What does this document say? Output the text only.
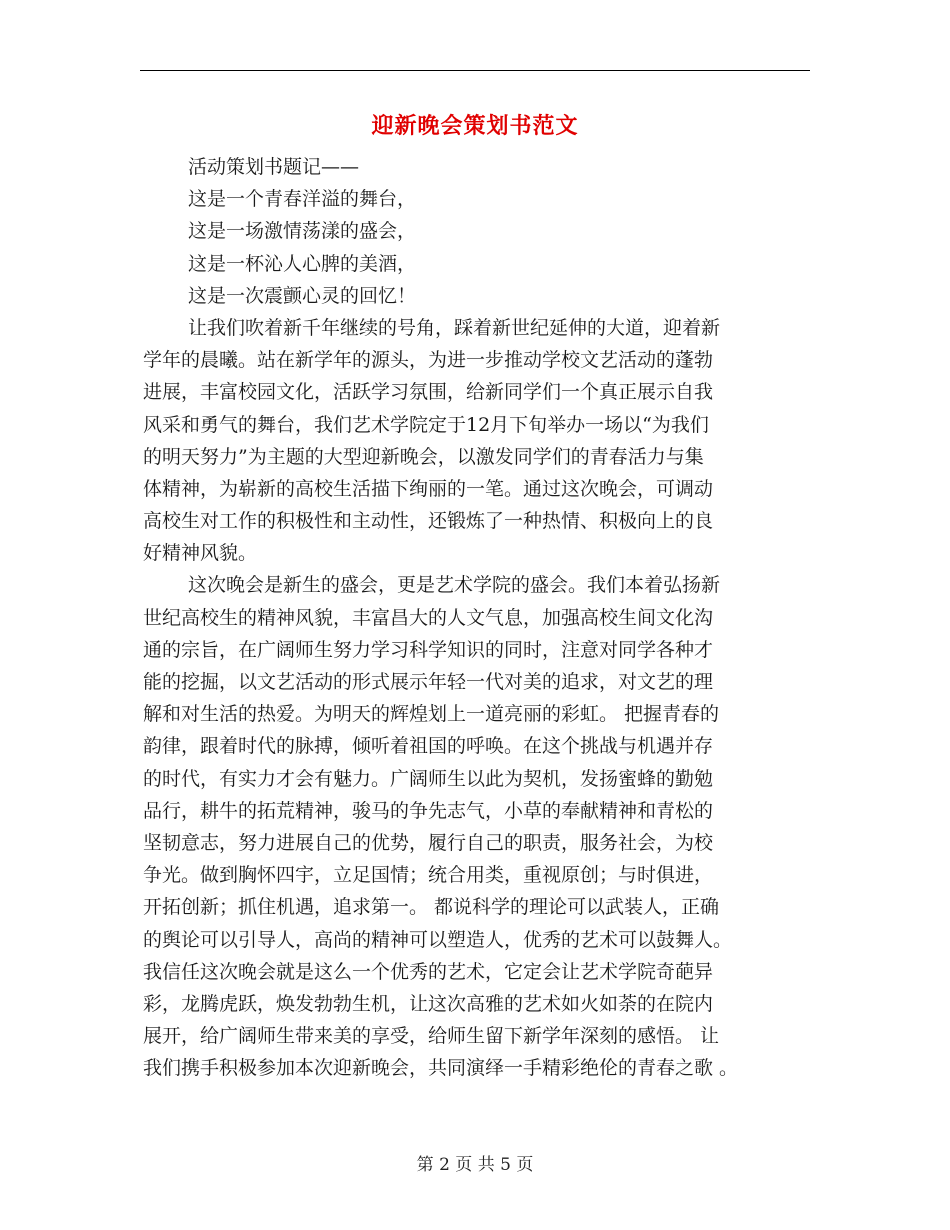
迎新晚会策划书范文
活动策划书题记——
这是一个青春洋溢的舞台，
这是一场激情荡漾的盛会，
这是一杯沁人心脾的美酒，
这是一次震颤心灵的回忆！
让我们吹着新千年继续的号角，踩着新世纪延伸的大道，迎着新
学年的晨曦。站在新学年的源头，为进一步推动学校文艺活动的蓬勃
进展，丰富校园文化，活跃学习氛围，给新同学们一个真正展示自我
风采和勇气的舞台，我们艺术学院定于12月下旬举办一场以“为我们
的明天努力”为主题的大型迎新晚会，以激发同学们的青春活力与集
体精神，为崭新的高校生活描下绚丽的一笔。通过这次晚会，可调动
高校生对工作的积极性和主动性，还锻炼了一种热情、积极向上的良
好精神风貌。
这次晚会是新生的盛会，更是艺术学院的盛会。我们本着弘扬新
世纪高校生的精神风貌，丰富昌大的人文气息，加强高校生间文化沟
通的宗旨，在广阔师生努力学习科学知识的同时，注意对同学各种才
能的挖掘，以文艺活动的形式展示年轻一代对美的追求，对文艺的理
解和对生活的热爱。为明天的辉煌划上一道亮丽的彩虹。 把握青春的
韵律，跟着时代的脉搏，倾听着祖国的呼唤。在这个挑战与机遇并存
的时代，有实力才会有魅力。广阔师生以此为契机，发扬蜜蜂的勤勉
品行，耕牛的拓荒精神，骏马的争先志气，小草的奉献精神和青松的
坚韧意志，努力进展自己的优势，履行自己的职责，服务社会，为校
争光。做到胸怀四宇，立足国情；统合用类，重视原创；与时俱进，
开拓创新；抓住机遇，追求第一。 都说科学的理论可以武装人，正确
的舆论可以引导人，高尚的精神可以塑造人，优秀的艺术可以鼓舞人。
我信任这次晚会就是这么一个优秀的艺术，它定会让艺术学院奇葩异
彩，龙腾虎跃，焕发勃勃生机，让这次高雅的艺术如火如荼的在院内
展开，给广阔师生带来美的享受，给师生留下新学年深刻的感悟。 让
我们携手积极参加本次迎新晚会，共同演绎一手精彩绝伦的青春之歌 。
第 2 页 共 5 页
